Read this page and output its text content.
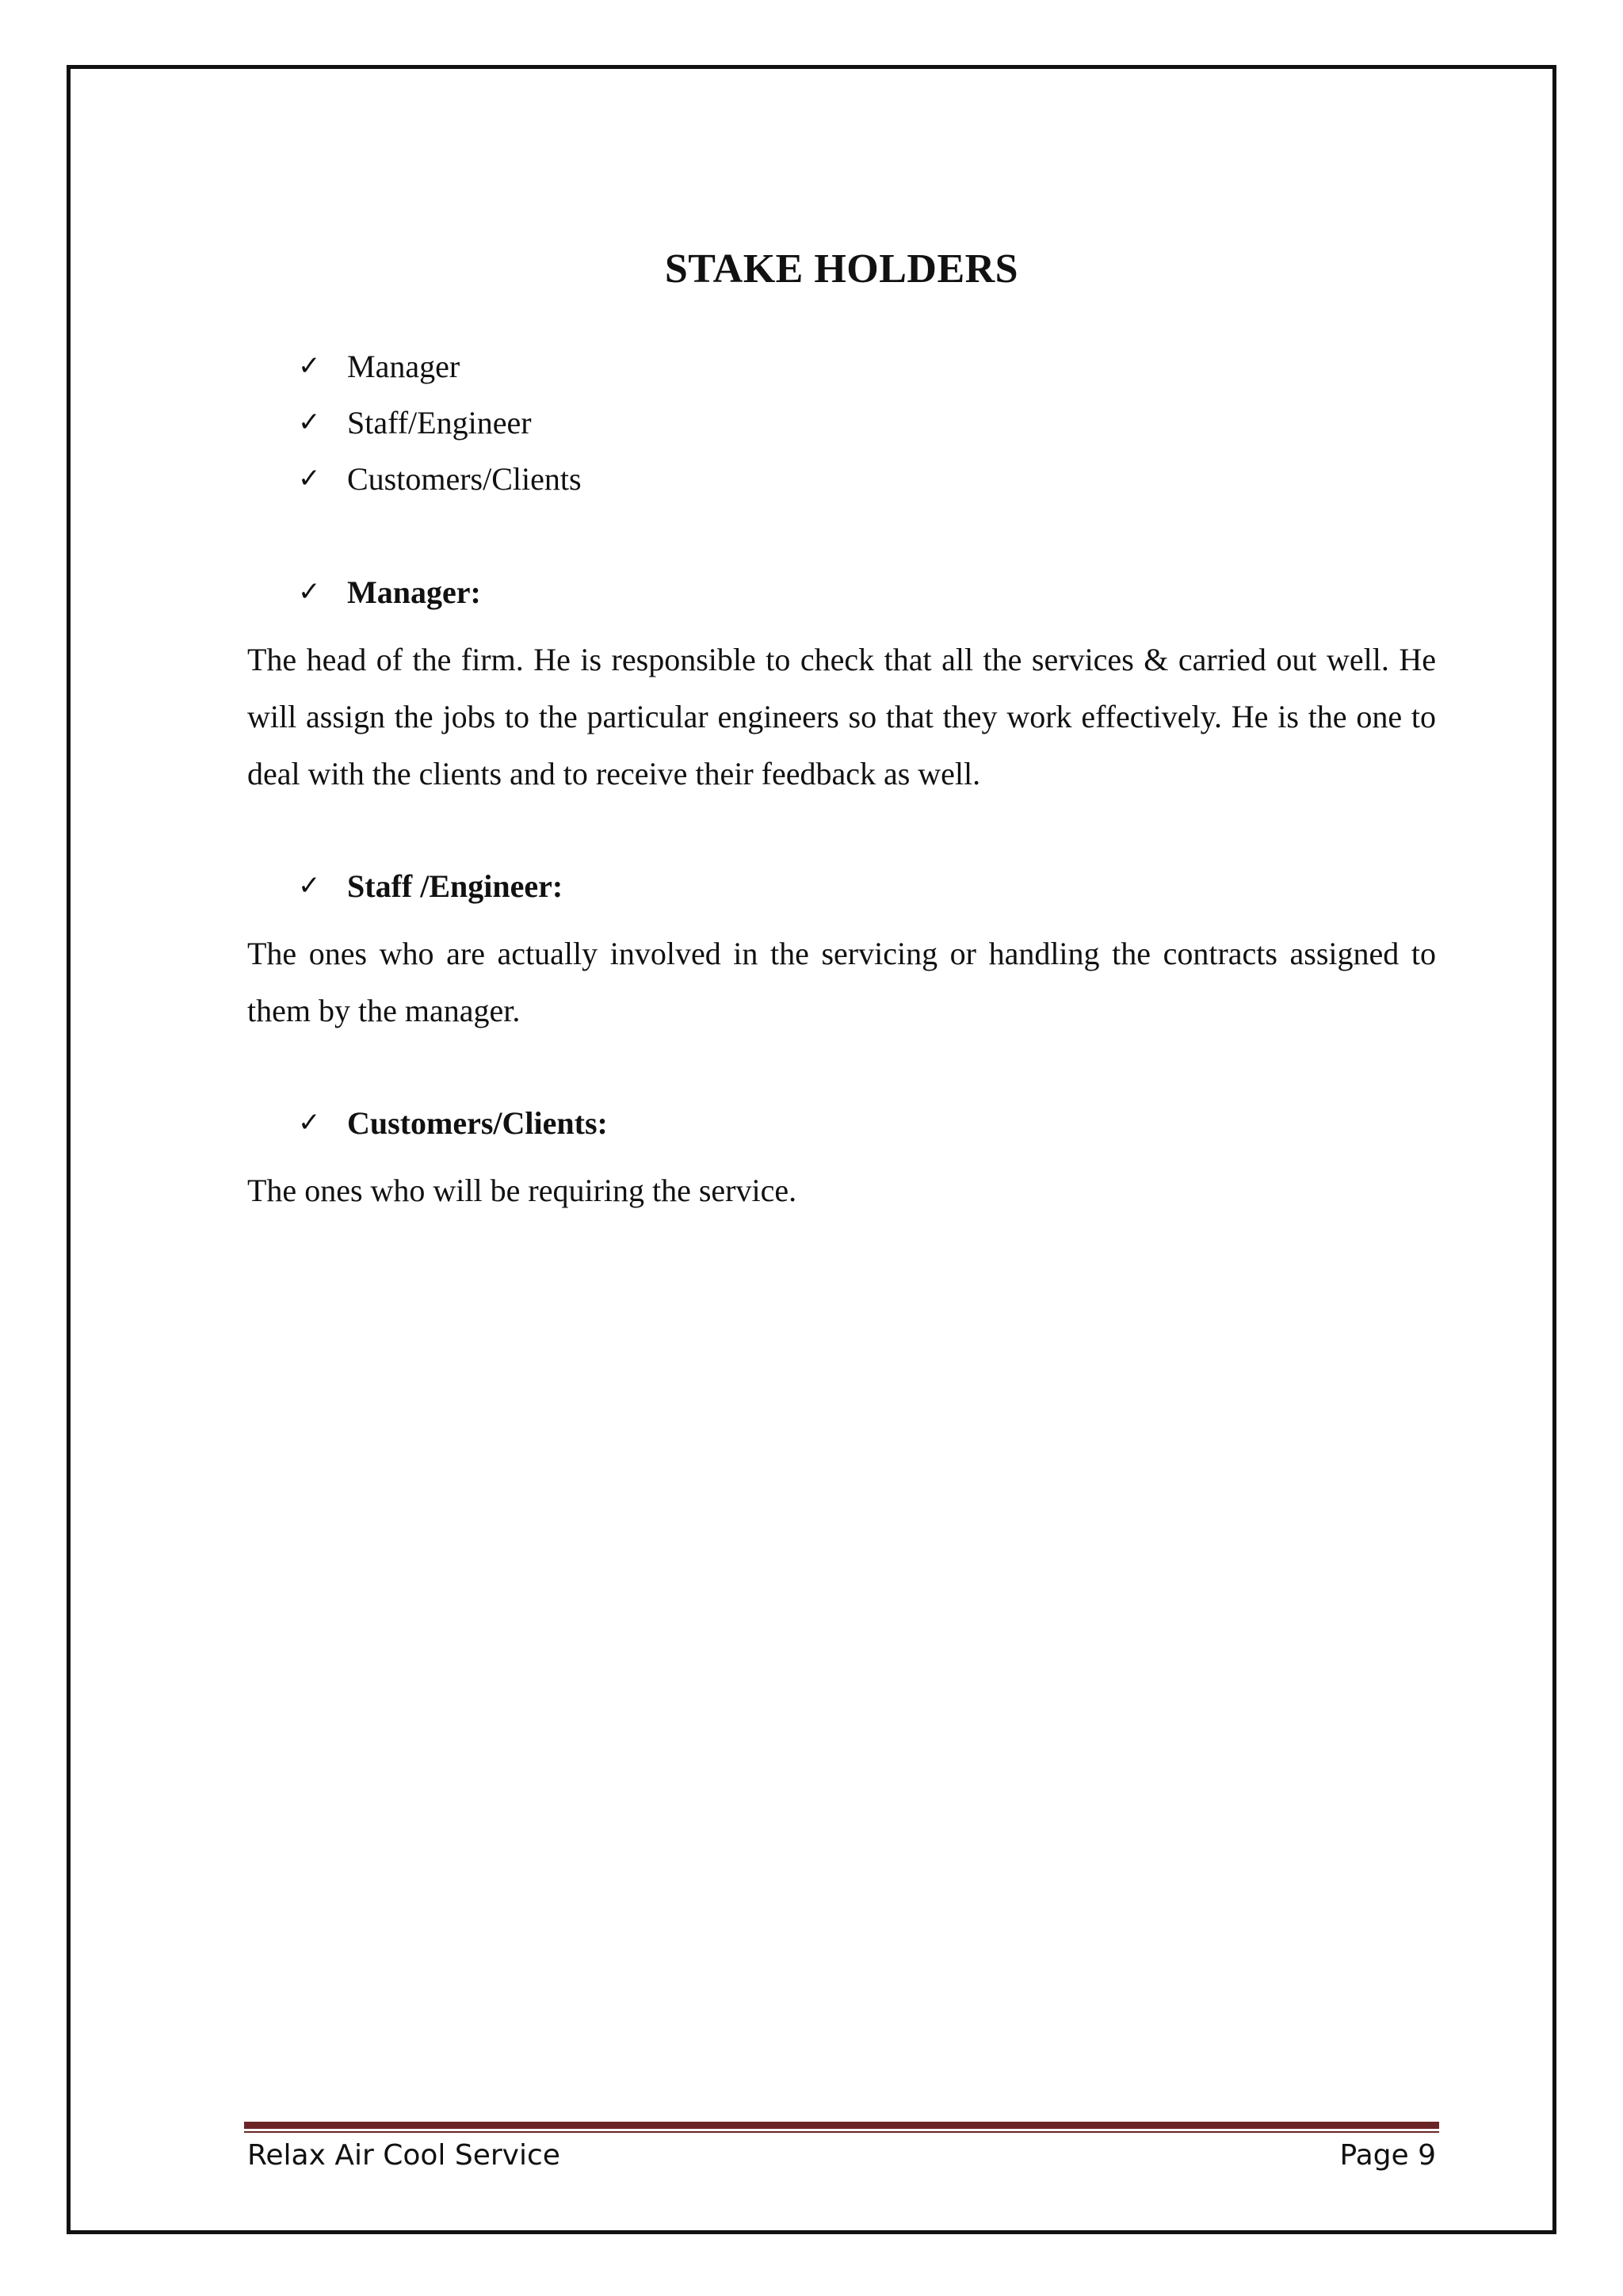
STAKE HOLDERS
✓ Manager
✓ Staff/Engineer
✓ Customers/Clients
✓ Manager:

The head of the firm. He is responsible to check that all the services & carried out well. He will assign the jobs to the particular engineers so that they work effectively. He is the one to deal with the clients and to receive their feedback as well.

✓ Staff /Engineer:

The ones who are actually involved in the servicing or handling the contracts assigned to them by the manager.

✓ Customers/Clients:

The ones who will be requiring the service.

Relax Air Cool Service	Page 9
